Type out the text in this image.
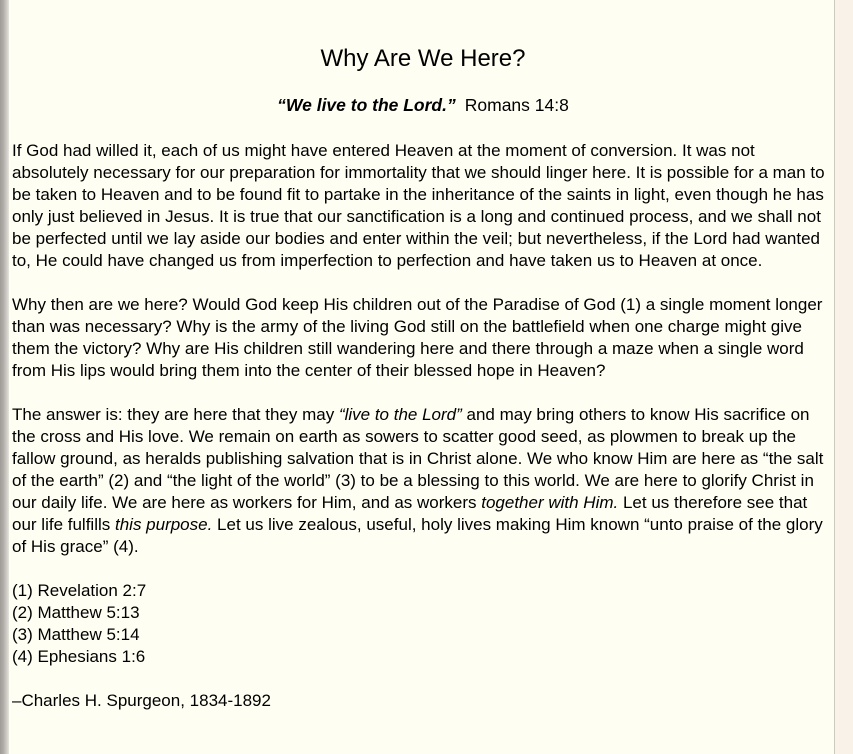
Why Are We Here?

“We live to the Lord.” Romans 14:8

If God had willed it, each of us might have entered Heaven at the moment of conversion. It was not absolutely necessary for our preparation for immortality that we should linger here. It is possible for a man to be taken to Heaven and to be found fit to partake in the inheritance of the saints in light, even though he has only just believed in Jesus. It is true that our sanctification is a long and continued process, and we shall not be perfected until we lay aside our bodies and enter within the veil; but nevertheless, if the Lord had wanted to, He could have changed us from imperfection to perfection and have taken us to Heaven at once.

Why then are we here? Would God keep His children out of the Paradise of God (1) a single moment longer than was necessary? Why is the army of the living God still on the battlefield when one charge might give them the victory? Why are His children still wandering here and there through a maze when a single word from His lips would bring them into the center of their blessed hope in Heaven?

The answer is: they are here that they may “live to the Lord” and may bring others to know His sacrifice on the cross and His love. We remain on earth as sowers to scatter good seed, as plowmen to break up the fallow ground, as heralds publishing salvation that is in Christ alone. We who know Him are here as “the salt of the earth” (2) and “the light of the world” (3) to be a blessing to this world. We are here to glorify Christ in our daily life. We are here as workers for Him, and as workers together with Him. Let us therefore see that our life fulfills this purpose. Let us live zealous, useful, holy lives making Him known “unto praise of the glory of His grace” (4).

(1) Revelation 2:7
(2) Matthew 5:13
(3) Matthew 5:14
(4) Ephesians 1:6

–Charles H. Spurgeon, 1834-1892
